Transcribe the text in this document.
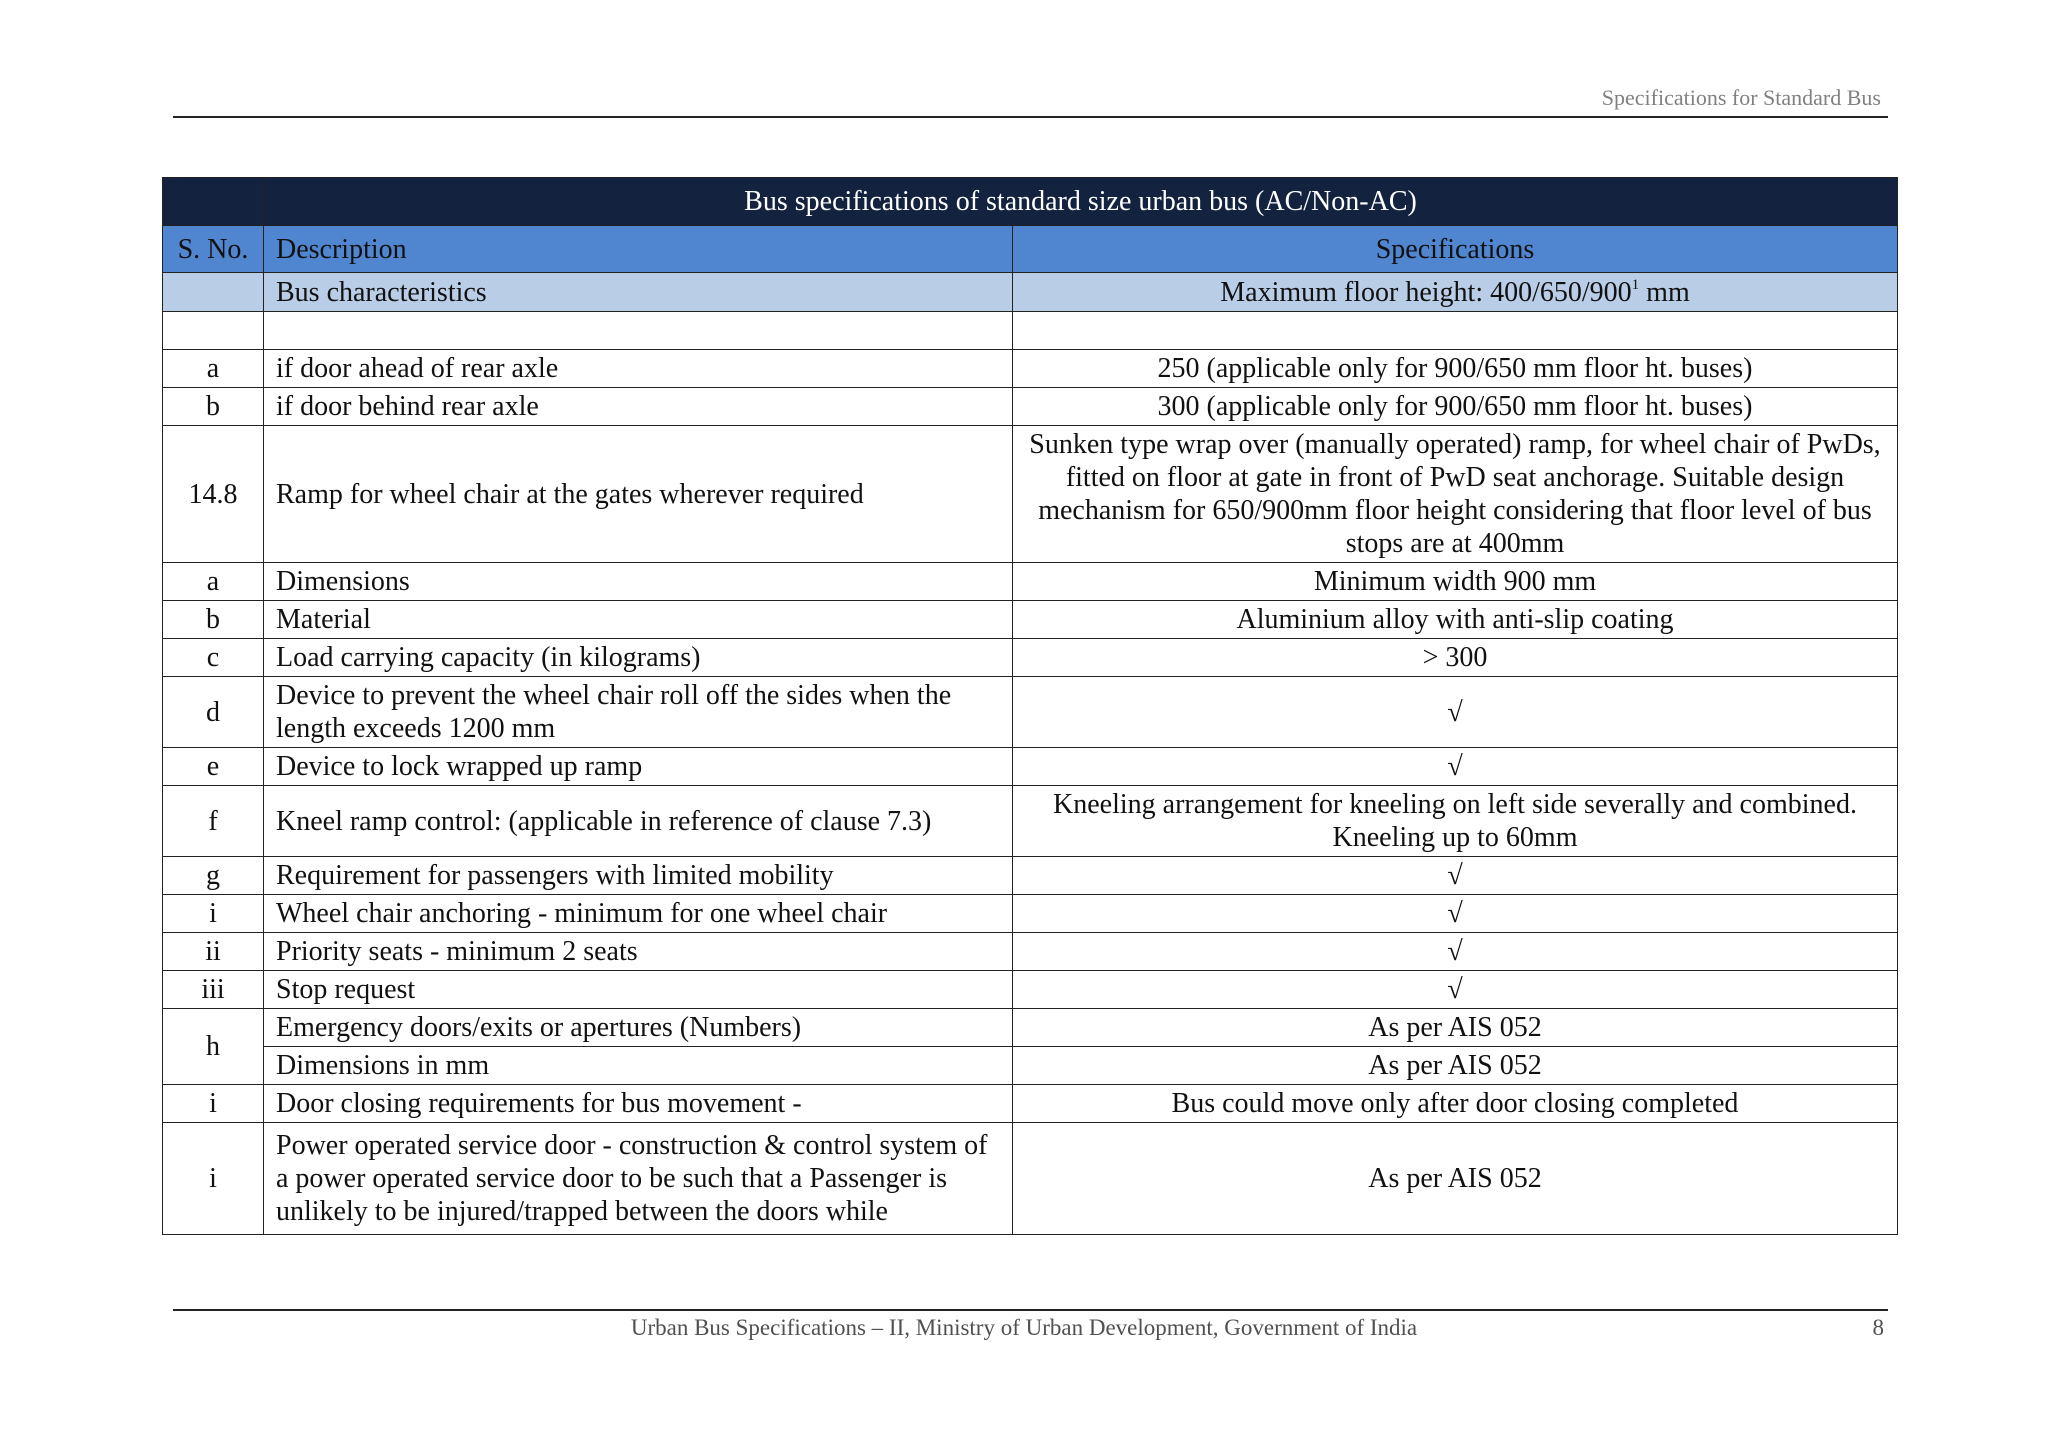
Specifications for Standard Bus
	Bus specifications of standard size urban bus (AC/Non-AC)	
S. No.	Description	Specifications
	Bus characteristics	Maximum floor height: $400/650/900^1$ mm

a	if door ahead of rear axle	250 (applicable only for 900/650 mm floor ht. buses)
b	if door behind rear axle	300 (applicable only for 900/650 mm floor ht. buses)
14.8	Ramp for wheel chair at the gates wherever required	Sunken type wrap over (manually operated) ramp, for wheel chair of PwDs, fitted on floor at gate in front of PwD seat anchorage. Suitable design mechanism for 650/900mm floor height considering that floor level of bus stops are at 400mm
a	Dimensions	Minimum width 900 mm
b	Material	Aluminium alloy with anti-slip coating
c	Load carrying capacity (in kilograms)	> 300
d	Device to prevent the wheel chair roll off the sides when the length exceeds 1200 mm	√
e	Device to lock wrapped up ramp	√
f	Kneel ramp control: (applicable in reference of clause 7.3)	Kneeling arrangement for kneeling on left side severally and combined. Kneeling up to 60mm
g	Requirement for passengers with limited mobility	√
i	Wheel chair anchoring - minimum for one wheel chair	√
ii	Priority seats - minimum 2 seats	√
iii	Stop request	√
h	Emergency doors/exits or apertures (Numbers)	As per AIS 052
	Dimensions in mm	As per AIS 052
i	Door closing requirements for bus movement -	Bus could move only after door closing completed
i	Power operated service door - construction & control system of a power operated service door to be such that a Passenger is unlikely to be injured/trapped between the doors while	As per AIS 052
Urban Bus Specifications – II, Ministry of Urban Development, Government of India	8
